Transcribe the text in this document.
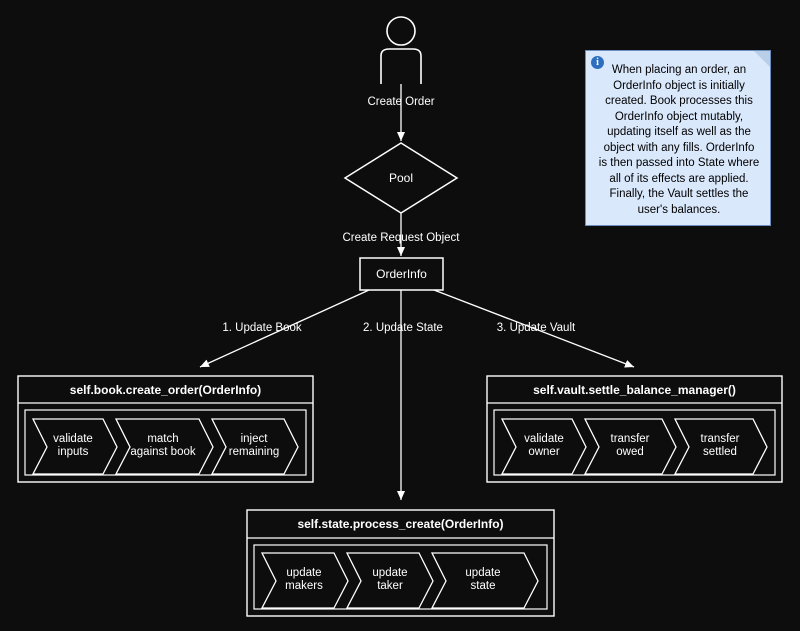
Create Order
Create Request Object
1. Update Book	2. Update State	3. Update Vault
Pool
OrderInfo
self.book.create_order(OrderInfo)
validate
inputs
match
against book
inject
remaining
self.vault.settle_balance_manager()
validate
owner
transfer
owed
transfer
settled
self.state.process_create(OrderInfo)
update
makers
update
taker
update
state
i
When placing an order, an OrderInfo object is initially created. Book processes this OrderInfo object mutably, updating itself as well as the object with any fills. OrderInfo is then passed into State where all of its effects are applied. Finally, the Vault settles the user's balances.
